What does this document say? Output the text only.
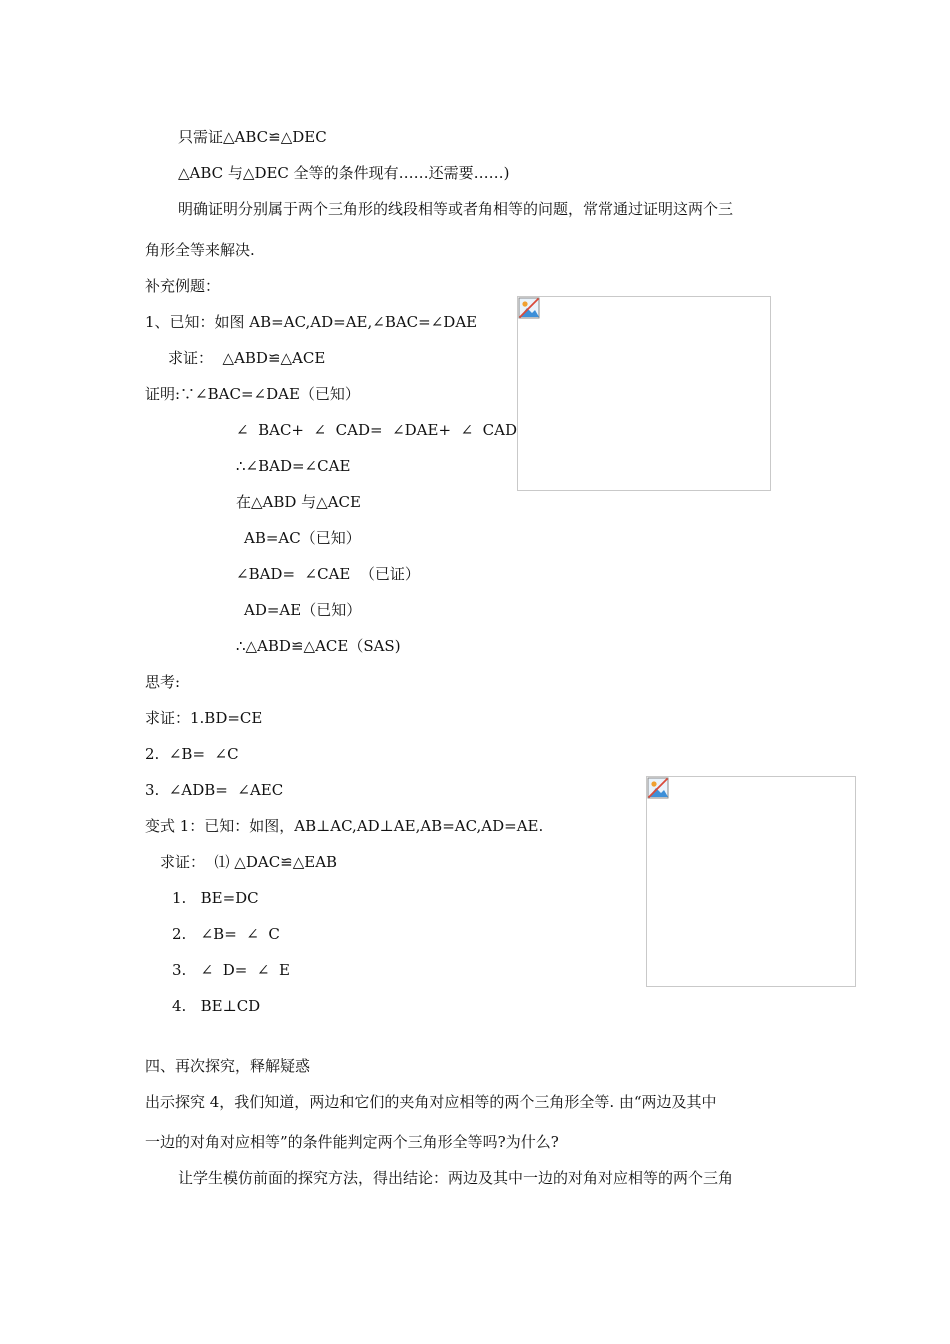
只需证△ABC≌△DEC
△ABC 与△DEC 全等的条件现有……还需要……)
明确证明分别属于两个三角形的线段相等或者角相等的问题，常常通过证明这两个三
角形全等来解决.
补充例题：
1、已知：如图 AB=AC,AD=AE,∠BAC=∠DAE
求证：  △ABD≌△ACE
证明:∵∠BAC=∠DAE（已知）
∠  BAC+  ∠  CAD=  ∠DAE+  ∠  CAD
∴∠BAD=∠CAE
在△ABD 与△ACE
AB=AC（已知）
∠BAD=  ∠CAE  （已证）
AD=AE（已知）
∴△ABD≌△ACE（SAS)
思考:
求证：1.BD=CE
2.  ∠B=  ∠C
3.  ∠ADB=  ∠AEC
变式 1：已知：如图，AB⊥AC,AD⊥AE,AB=AC,AD=AE.
求证：  ⑴ △DAC≌△EAB
1.   BE=DC
2.   ∠B=  ∠  C
3.   ∠  D=  ∠  E
4.   BE⊥CD
四、再次探究，释解疑惑
出示探究 4，我们知道，两边和它们的夹角对应相等的两个三角形全等. 由“两边及其中
一边的对角对应相等”的条件能判定两个三角形全等吗?为什么?
让学生模仿前面的探究方法，得出结论：两边及其中一边的对角对应相等的两个三角
